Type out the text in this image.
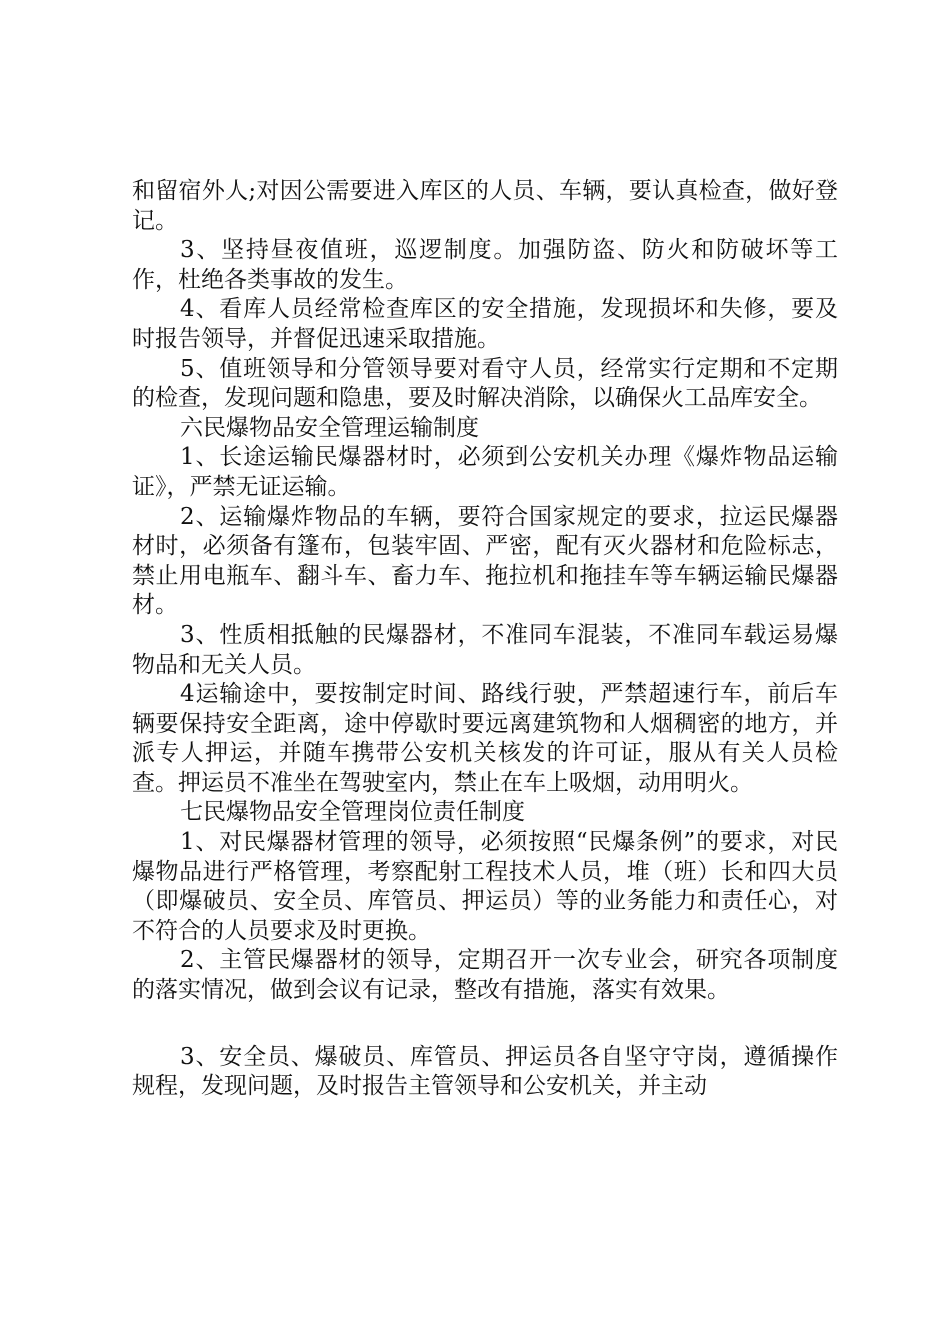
和留宿外人;对因公需要进入库区的人员、车辆，要认真检查，做好登记。

3、坚持昼夜值班，巡逻制度。加强防盗、防火和防破坏等工作，杜绝各类事故的发生。

4、看库人员经常检查库区的安全措施，发现损坏和失修，要及时报告领导，并督促迅速采取措施。

5、值班领导和分管领导要对看守人员，经常实行定期和不定期的检查，发现问题和隐患，要及时解决消除，以确保火工品库安全。

六民爆物品安全管理运输制度

1、长途运输民爆器材时，必须到公安机关办理《爆炸物品运输证》，严禁无证运输。

2、运输爆炸物品的车辆，要符合国家规定的要求，拉运民爆器材时，必须备有篷布，包装牢固、严密，配有灭火器材和危险标志，禁止用电瓶车、翻斗车、畜力车、拖拉机和拖挂车等车辆运输民爆器材。

3、性质相抵触的民爆器材，不准同车混装，不准同车载运易爆物品和无关人员。

4运输途中，要按制定时间、路线行驶，严禁超速行车，前后车辆要保持安全距离，途中停歇时要远离建筑物和人烟稠密的地方，并派专人押运，并随车携带公安机关核发的许可证，服从有关人员检查。押运员不准坐在驾驶室内，禁止在车上吸烟，动用明火。

七民爆物品安全管理岗位责任制度

1、对民爆器材管理的领导，必须按照“民爆条例”的要求，对民爆物品进行严格管理，考察配射工程技术人员，堆（班）长和四大员（即爆破员、安全员、库管员、押运员）等的业务能力和责任心，对不符合的人员要求及时更换。

2、主管民爆器材的领导，定期召开一次专业会，研究各项制度的落实情况，做到会议有记录，整改有措施，落实有效果。

3、安全员、爆破员、库管员、押运员各自坚守守岗，遵循操作规程，发现问题，及时报告主管领导和公安机关，并主动
